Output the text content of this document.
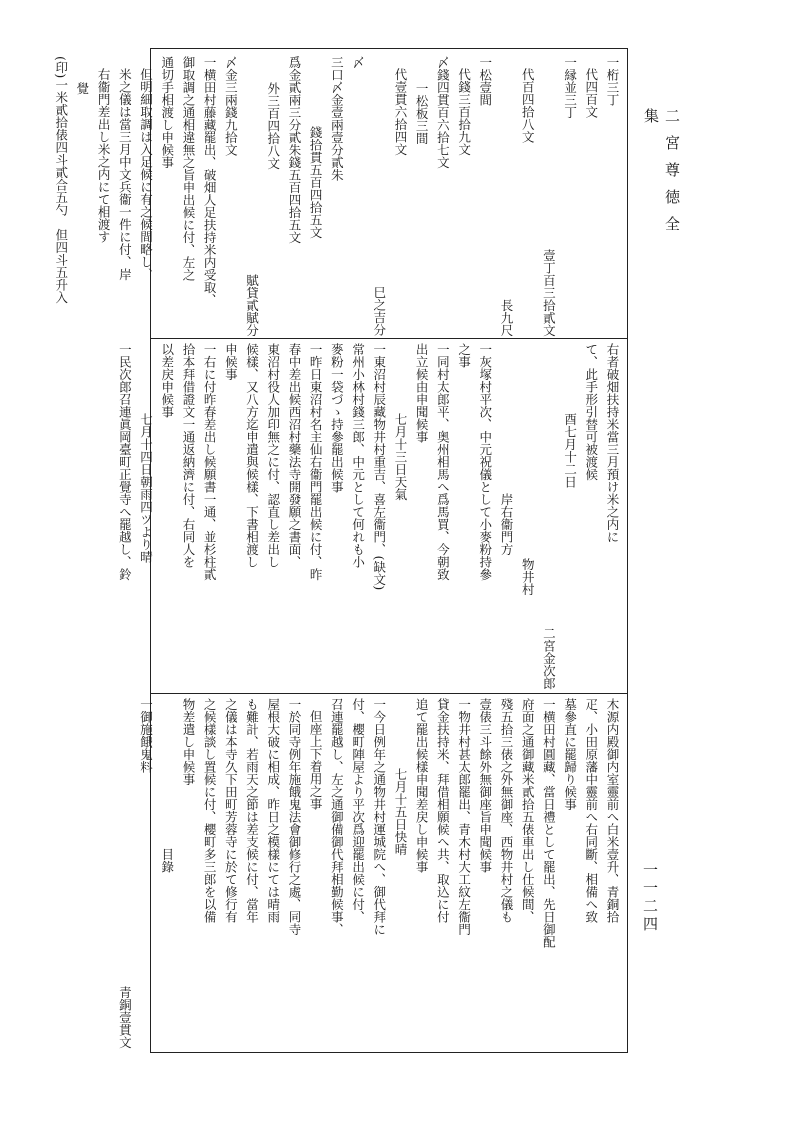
二宮尊徳全集
一一二四
一桁三丁
代四百文
一縁並三丁
壹丁百三拾貳文
代百四拾八文
長九尺
一松壹間
代錢三百拾九文
〆錢四貫百六拾七文
一松板三間
代壹貫六拾四文
巳之吉分
〆
三口〆金壹兩壹分貳朱
錢拾貫五百四拾五文
爲金貳兩三分貳朱錢五百四拾五文
外三百四拾八文
賦貸貳賦分
〆金三兩錢九拾文
一横田村藤藏罷出、破畑人足扶持米内受取、
御取調之通相違無之旨申出候に付、左之
通切手相渡し申候事
但明細取調は入足候に有之候間略し、
米之儀は當三月中文兵衞一件に付、岸
右衞門差出し米之内にて相渡す
覺
(印)一米貳拾俵四斗貳合五勺　但四斗五升入
右者破畑扶持米當三月預け米之内に
て、此手形引替可被渡候
酉七月十二日
二宮金次郎
物井村
岸右衞門方
一灰塚村平次、中元祝儀として小麥粉持參
之事
一同村太郎平、奥州相馬へ爲馬買、今朝致
出立候由申聞候事
七月十三日天氣
一東沼村辰藏物井村重吉、喜左衞門、(缺文)
常州小林村錢三郎、中元として何れも小
麥粉一袋づゝ持參罷出候事
一昨日東沼村名主仙右衞門罷出候に付、昨
春中差出候西沼村藥法寺開發願之書面、
東沼村役人加印無之に付、認直し差出し
候樣、又八方迄申遣與候樣、下書相渡し
申候事
一右に付昨春差出し候願書一通、並杉柱貳
拾本拜借證文一通返納濟に付、右同人を
以差戻申候事
七月十四日朝雨四ツより晴
一民次郎召連眞岡臺町正覺寺へ罷越し、鈴
木源内殿御内室靈前へ白米壹升、青銅拾
疋、小田原藩中靈前へ右同斷、相備へ致
墓參直に罷歸り候事
一横田村圓藏、當日禮として罷出、先日御配
府面之通御藏米貳拾五俵車出し仕候間、
殘五拾三俵之外無御座、西物井村之儀も
壹俵三斗餘外無御座旨申聞候事
一物井村甚太郎罷出、青木村大工紋左衞門
貸金扶持米、拜借相願候へ共、取込に付
追て罷出候樣申聞差戻し申候事
七月十五日快晴
一今日例年之通物井村運城院へ、御代拜に
付、櫻町陣屋より平次爲迎罷出候に付、
召連罷越し、左之通御備御代拜相勤候事、
但座上下着用之事
一於同寺例年施餓鬼法會御修行之處、同寺
屋根大破に相成、昨日之模樣にては晴雨
も難計、若雨天之節は差支候に付、當年
之儀は本寺久下田町芳蓉寺に於て修行有
之候樣談し置候に付、櫻町多三郎を以備
物差遣し申候事
目錄
一御施餓鬼料
青銅壹貫文
